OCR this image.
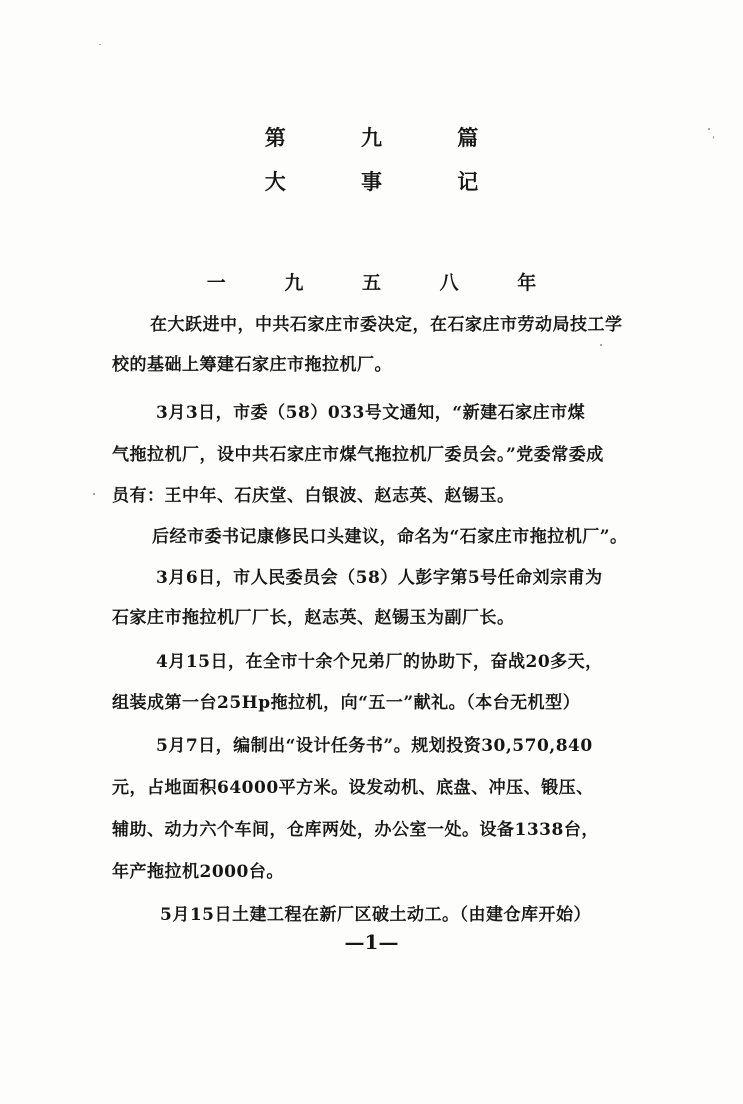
第 九 篇
大 事 记
一 九 五 八 年
在大跃进中，中共石家庄市委决定，在石家庄市劳动局技工学
校的基础上筹建石家庄市拖拉机厂。
3月3日，市委（58）033号文通知，“新建石家庄市煤
气拖拉机厂，设中共石家庄市煤气拖拉机厂委员会。”党委常委成
员有：王中年、石庆堂、白银波、赵志英、赵锡玉。
后经市委书记康修民口头建议，命名为“石家庄市拖拉机厂”。
3月6日，市人民委员会（58）人彭字第5号任命刘宗甫为
石家庄市拖拉机厂厂长，赵志英、赵锡玉为副厂长。
4月15日，在全市十余个兄弟厂的协助下，奋战20多天，
组装成第一台25Hp拖拉机，向“五一”献礼。（本台无机型）
5月7日，编制出“设计任务书”。规划投资30,570,840
元，占地面积64000平方米。设发动机、底盘、冲压、锻压、
辅助、动力六个车间，仓库两处，办公室一处。设备1338台，
年产拖拉机2000台。
5月15日土建工程在新厂区破土动工。（由建仓库开始）
—1—
